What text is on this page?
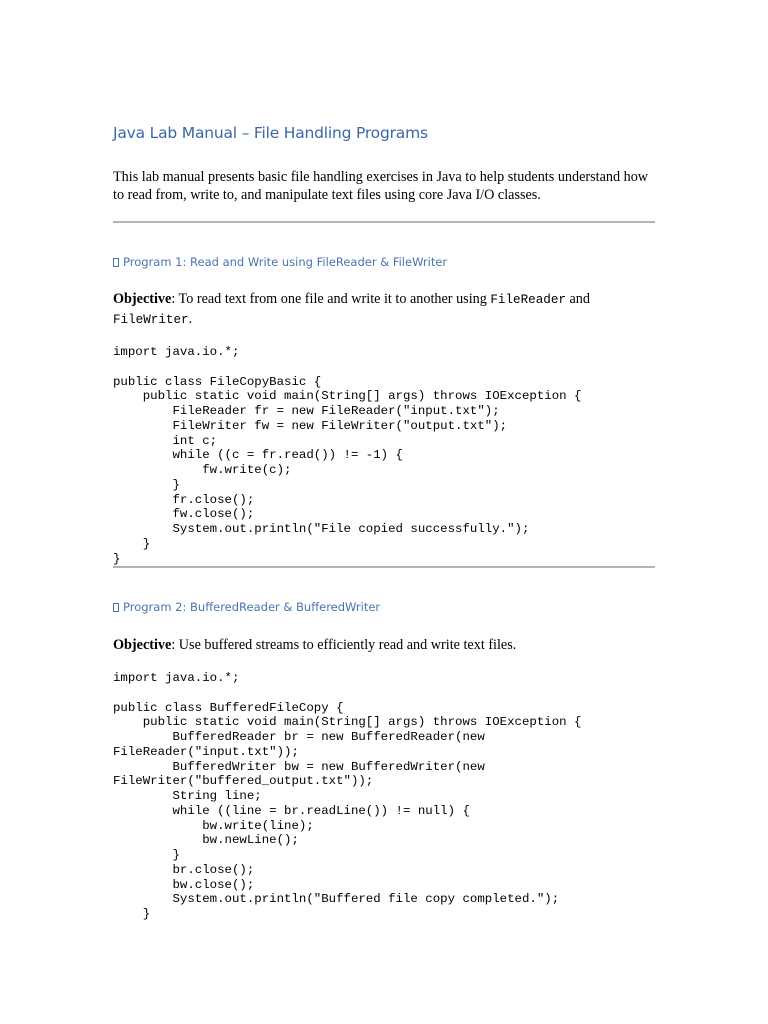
Java Lab Manual – File Handling Programs

This lab manual presents basic file handling exercises in Java to help students understand how to read from, write to, and manipulate text files using core Java I/O classes.

Program 1: Read and Write using FileReader & FileWriter

Objective: To read text from one file and write it to another using FileReader and
FileWriter.

import java.io.*;

public class FileCopyBasic {
public static void main(String[] args) throws IOException {
FileReader fr = new FileReader("input.txt");
FileWriter fw = new FileWriter("output.txt");
int c;
while ((c = fr.read()) != -1) {
fw.write(c);
}
fr.close();
fw.close();
System.out.println("File copied successfully.");
}
}
Program 2: BufferedReader & BufferedWriter

Objective: Use buffered streams to efficiently read and write text files.

import java.io.*;

public class BufferedFileCopy {
public static void main(String[] args) throws IOException {
BufferedReader br = new BufferedReader(new
FileReader("input.txt"));
BufferedWriter bw = new BufferedWriter(new
FileWriter("buffered_output.txt"));
String line;
while ((line = br.readLine()) != null) {
bw.write(line);
bw.newLine();
}
br.close();
bw.close();
System.out.println("Buffered file copy completed.");
}
